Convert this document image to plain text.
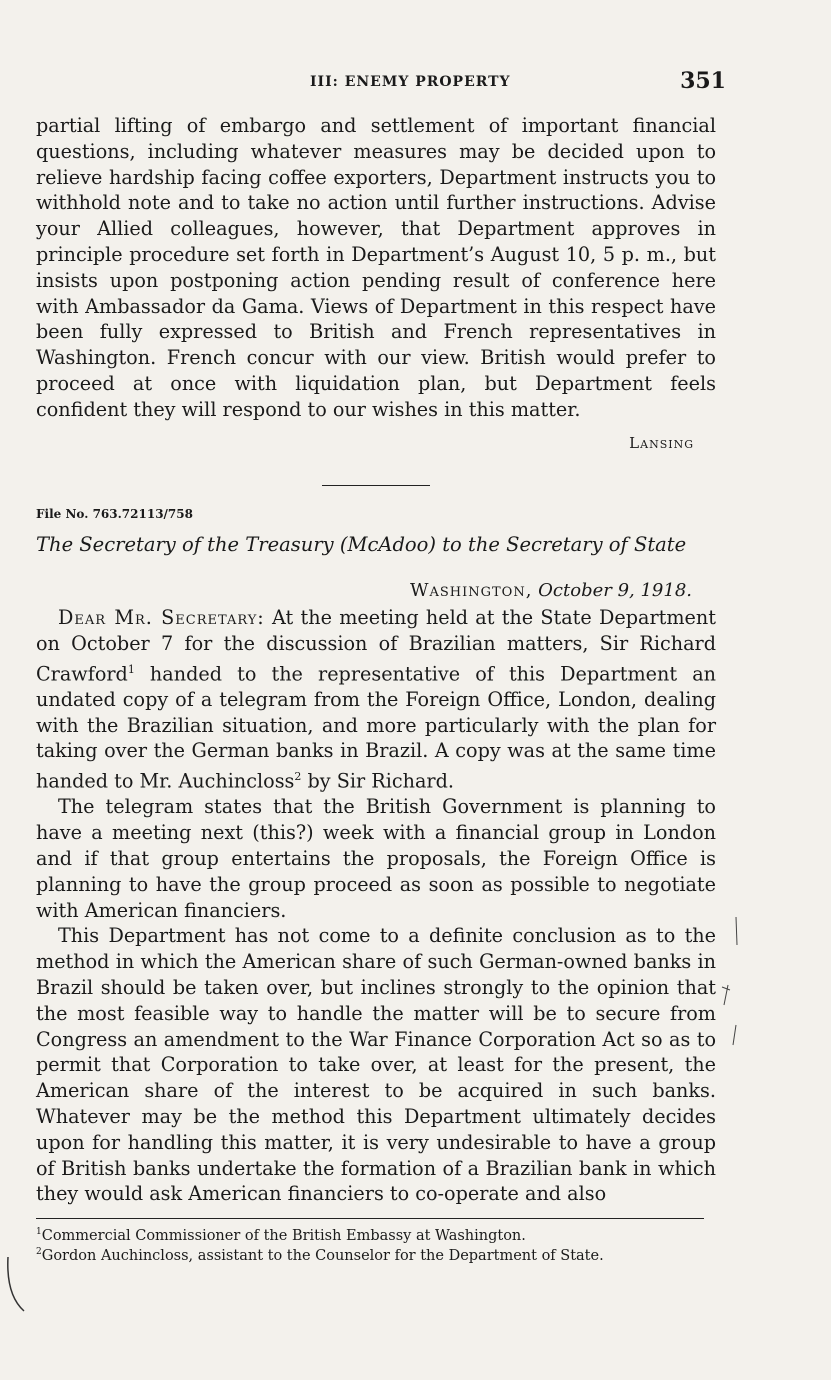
III: ENEMY PROPERTY	351

partial lifting of embargo and settlement of important financial questions, including whatever measures may be decided upon to relieve hardship facing coffee exporters, Department instructs you to withhold note and to take no action until further instructions. Advise your Allied colleagues, however, that Department approves in principle procedure set forth in Department’s August 10, 5 p. m., but insists upon postponing action pending result of conference here with Ambassador da Gama. Views of Department in this respect have been fully expressed to British and French representatives in Washington. French concur with our view. British would prefer to proceed at once with liquidation plan, but Department feels confident they will respond to our wishes in this matter.

Lansing
File No. 763.72113/758
The Secretary of the Treasury (McAdoo) to the Secretary of State
Washington, October 9, 1918.

Dear Mr. Secretary: At the meeting held at the State Department on October 7 for the discussion of Brazilian matters, Sir Richard Crawford$^1$ handed to the representative of this Department an undated copy of a telegram from the Foreign Office, London, dealing with the Brazilian situation, and more particularly with the plan for taking over the German banks in Brazil. A copy was at the same time handed to Mr. Auchincloss$^2$ by Sir Richard.

The telegram states that the British Government is planning to have a meeting next (this?) week with a financial group in London and if that group entertains the proposals, the Foreign Office is planning to have the group proceed as soon as possible to negotiate with American financiers.

This Department has not come to a definite conclusion as to the method in which the American share of such German-owned banks in Brazil should be taken over, but inclines strongly to the opinion that the most feasible way to handle the matter will be to secure from Congress an amendment to the War Finance Corporation Act so as to permit that Corporation to take over, at least for the present, the American share of the interest to be acquired in such banks. Whatever may be the method this Department ultimately decides upon for handling this matter, it is very undesirable to have a group of British banks undertake the formation of a Brazilian bank in which they would ask American financiers to co-operate and also

$^1$Commercial Commissioner of the British Embassy at Washington.

$^2$Gordon Auchincloss, assistant to the Counselor for the Department of State.
